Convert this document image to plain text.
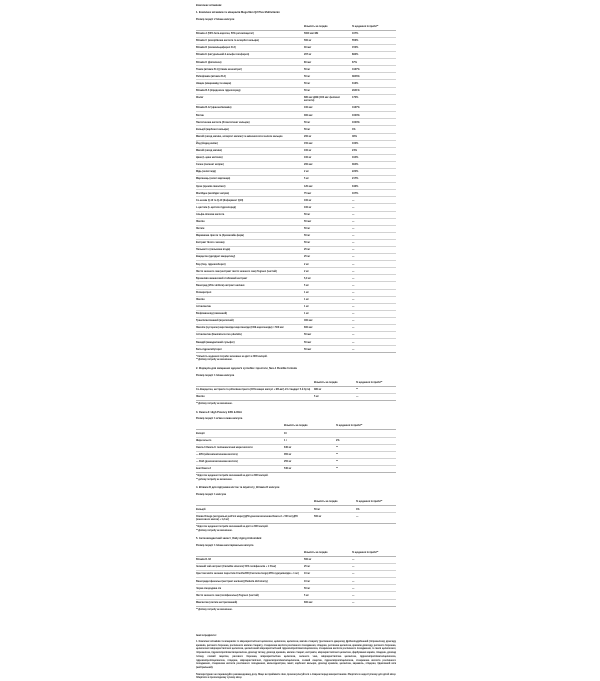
Комплекс вітамінів:
1. Комплекс вітамінів та мінералів Mega Men Q2 Plus Multivitamin
Розмір порції: 2 бланк-капсули
	Кількість на порцію	% щоденної потреби**
Вітамін A (50% бета-каротин, 50% ретинілацетат)	5000 мкг МЕ	167%
Вітамін C (аскорбінова кислота та аскорбат кальцію)	500 мг	556%
Вітамін D (холекальциферол D-3)	30 мкг	150%
Вітамін E (натуральний d-альфа-токоферол)	267 мг	890%
Вітамін K (філохінон)	80 мкг	67%
Тіамін (вітамін B-1) (тіамін мононітрат)	50 мг	4167%
Рибофлавін (вітамін B-2)	50 мг	3846%
Ніацин (ніацинамід та ніацин)	50 мг	313%
Вітамін B-6 (піридоксин гідрохлорид)	50 мг	2941%
Фолат	680 мкг ДФЕ (400 мкг фолієвої кислоти)	170%
Вітамін B-12 (ціанокобаламін)	100 мкг	4167%
Біотин	300 мкг	1000%
Пантотенова кислота (D-пантотенат кальцію)	50 мг	1000%
Кальцій (карбонат кальцію)	50 мг	4%
Магній (оксид магнію, аспартат магнію) та амінокислотні хелати кальцію	200 мг	48%
Йод (йодид калію)	150 мкг	100%
Магній (оксид магнію)	100 мг	24%
Цинк (L-цинк метіонін)	100 мг	164%
Селен (селенат натрію)	200 мкг	364%
Мідь (хелат міді)	2 мг	222%
Марганець (хелат марганцю)	5 мг	217%
Хром (хромію пиколінат)	120 мкг	343%
Молібден (молібдат натрію)	75 мкг	167%
Со-ензим Q-10 та Q-10 (Кофермент Q10)	100 мг	—
L-цистеїн (L-цистеїн гідрохлорид)	100 мг	—
Альфа-ліпоєва кислота	50 мг	—
Лікопін	50 мкг	—
Лютеїн	50 мг	—
Мармакова гіркота та (бромелайн ферм)	50 мг	—
Екстракт білого часнику	50 мг	—
Пальметто (пальмова ягода)	25 мг	—
Кверцетин (дигідрат кверцетину)	25 мг	—
Бор (бор, гідроксиборат)	2 мг	—
Листя зеленого чаю (екстракт листя зеленого чаю) Tegreen (чистий)	2 мг	—
Бромелаїн ананасовий стеблевий екстракт	5,0 мг	—
Виноград (Vitis vinifera) екстракт насіння	5 мг	—
Ресвератрол	1 мг	—
Лікопін	1 мг	—
Астаксантин	1 мг	—
Біофлавоноїд (лимонний)	1 мг	—
Трансплантований (агрегатний)	400 мкг	—
Ликопін (Lycopene) каротиноїдні каротиноїди (СОК-каротиноїди) < 500 мкг	600 мкг	—
Астаксантин (Haematococcus pluvialis)	50 мкг	—
Ванадій (ванадиловий сульфат)	50 мкг	—
Бета-гідроксибутират	50 мкг	—
* Кількість щоденної потреби засновано на дієті в 2000 калорій.
** Добову потребу не визначено.
2. Формула для зміцнення здоров'я суглобів і простати_Nex-1 Flexible formula
Розмір порції: 1 бланк-капсула
	Кількість на порцію	% щоденної потреби**
Со-Кверцетин, екстракти та ріболівна гіркота (40% вищих капсул + КВ-акт)-24 стандарт 5-й бути)	380 мг	**
Лікопін	5 мг	—
** Добову потребу не визначено.
3. Омега-3: High Potency EPA & DHA
Розмір порції: 1 м'яка гелева капсула
	Кількість на порцію	% щоденної потреби**
Калорії	10	
Жири всього	1 г	2%
Омега-3 Омега-3: поліненасичені жирні кислоти	640 мг	**
— EPA (ейкозапентаєнова кислота)	350 мг	**
— DHA (докозагексаєнова кислота)	250 мг	**
Інші Омега-3	540 мг	**
* Відсоток щоденної потреби заснований на дієті в 2000 калорій.
** добову потребу не визначено.
4. Вітамін D для підтримки кісток та імунітету_Вітамін D капсули
Розмір порції: 1 капсула
	Кількість на порцію	% щоденної потреби**
Кальцій	50 мг	4%
Олива Omega (натуральні риб'ячі жири) (ДГК-докозагексаєнова Омега-3 + 500 мг) ДГК (кокосового масла) + 1,2 мг)	500 мг	—
* Відсоток щоденної потреби заснований на дієті в 2000 калорій.
** Добову потребу не визначено.
5. Антиоксидантний захист_Daily Aging Antioxidant
Розмір порції: 1 бланк-вегетаріанська капсула
	Кількість на порцію	% щоденної потреби**
Вітамін D-З3	500 мг	—
Зелений чай екстракт (Camellia sinensis) 50% поліфенолів + 1 Flow)	25 мг	—
Хрестові квіти зелених паростків CruciferRR (Curcuma longa) 95% куркуміноїдів + 1 мг)	10 мг	—
Виноградні фенольні (екстракт насіння) (Paducla dichotomy)	10 мг	—
Чорна смородина сік	50 мг	—
Листя зеленого чаю (поліфенольні) Tegreen (чистий)	5 мг	—
Макcантин (лютеїн екстрагований)	600 мкг	—
** Добову потребу не визначено.
Інші інгредієнти:

1. Комплекс вітамінів та мінералів: із мікрокристалічної целюлози, целюлози, целюлози, магнію стеарату (рослинного джерела), Дрібноподрібнений (гіпромелоза), діоксиду кремнію, рисового борошна, рослинного магнію стеарату, стеаринова кислота рослинного походження, гліцерин, рослинна целюлоза, кремнію діоксиду, рисового борошна, целюлозної мікрокристалічної целюлози, целюлозний мікрокристалічний гідроксипропілметилцелюлоза, стеаринова кислота рослинного походження, із скеля целюлозної, гіпромелоза, гідроксипропілметилцелюлоза, діоксид титану, діоксид кремнію, магнію стеарат, екстракти, мікрокристалічної целюлози, фарбування кармін, гліцерин, діоксид титану, соєвий лецитин, рисового борошна, мікрокристалічна целюлоза, зеленого чаю, мікрокристалічна целюлоза, гідроксипропілметилцелюлоза, гідроксипропілцелюлоза, гліцерин, мікрокристалічної, гідроксипропілметилцелюлоза, соєвий лецитин, гідроксипропілцелюлоза, стеаринова кислота рослинного походження, стеаринова кислота рослинного походження, мальтодекстрин, маніт, карбонат кальцію, діоксид кремнію, целюлоза, карамель, гліцерин, бджолиний віск (нейтральний).

Температурних не перевищуйте рекомендовану дозу. Якщо ви приймаєте ліки, проконсультуйтеся з лікарем перед використанням. Зберігати в недоступному для дітей місці. Зберігати в прохолодному сухому місці.
